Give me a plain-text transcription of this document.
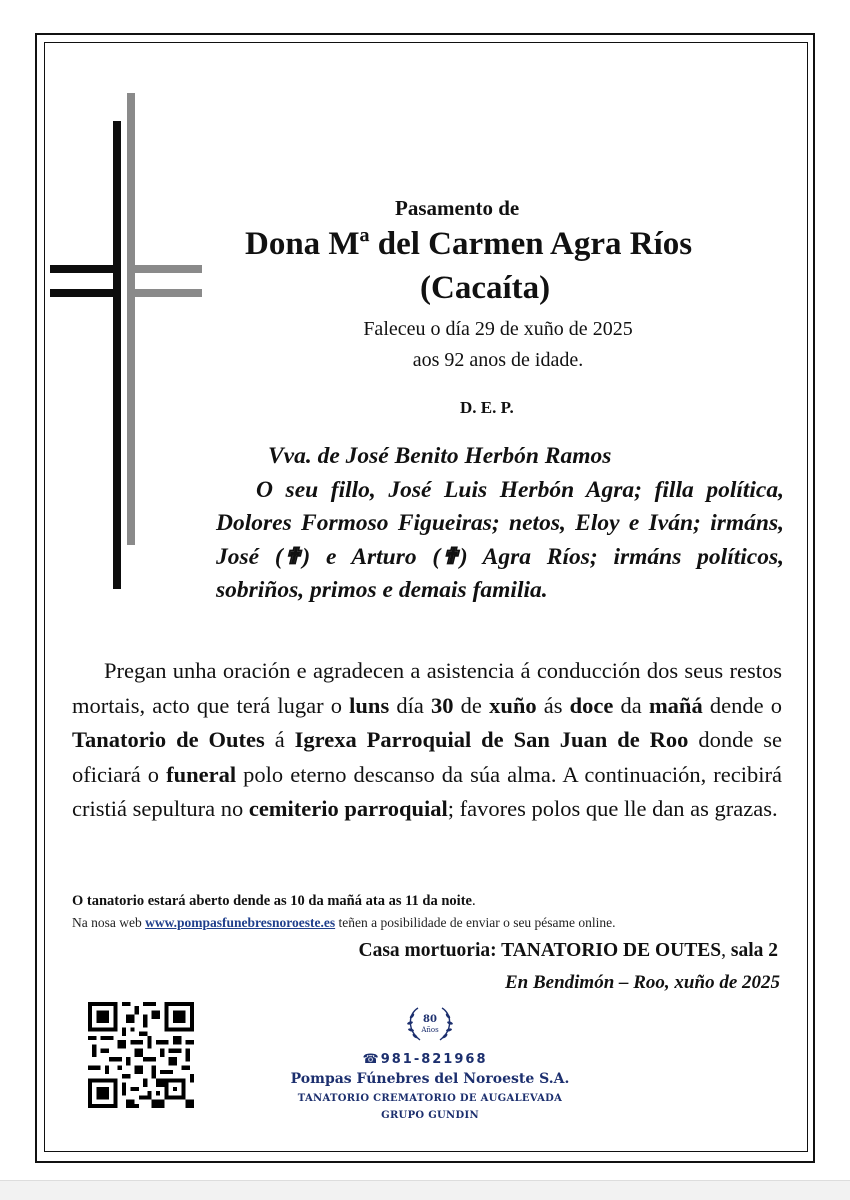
Pasamento de
Dona Mª del Carmen Agra Ríos
(Cacaíta)
Faleceu o día 29 de xuño de 2025
aos 92 anos de idade.
D. E. P.
Vva. de José Benito Herbón Ramos
O seu fillo, José Luis Herbón Agra; filla política, Dolores Formoso Figueiras; netos, Eloy e Iván; irmáns, José (✟) e Arturo (✟) Agra Ríos; irmáns políticos, sobriños, primos e demais familia.
Pregan unha oración e agradecen a asistencia á conducción dos seus restos mortais, acto que terá lugar o luns día 30 de xuño ás doce da mañá dende o Tanatorio de Outes á Igrexa Parroquial de San Juan de Roo donde se oficiará o funeral polo eterno descanso da súa alma. A continuación, recibirá cristiá sepultura no cemiterio parroquial; favores polos que lle dan as grazas.
O tanatorio estará aberto dende as 10 da mañá ata as 11 da noite.
Na nosa web www.pompasfunebresnoroeste.es teñen a posibilidade de enviar o seu pésame online.
Casa mortuoria: TANATORIO DE OUTES, sala 2
En Bendimón – Roo, xuño de 2025
80
Años
☎981-821968
Pompas Fúnebres del Noroeste S.A.
TANATORIO CREMATORIO DE AUGALEVADA
GRUPO GUNDIN
